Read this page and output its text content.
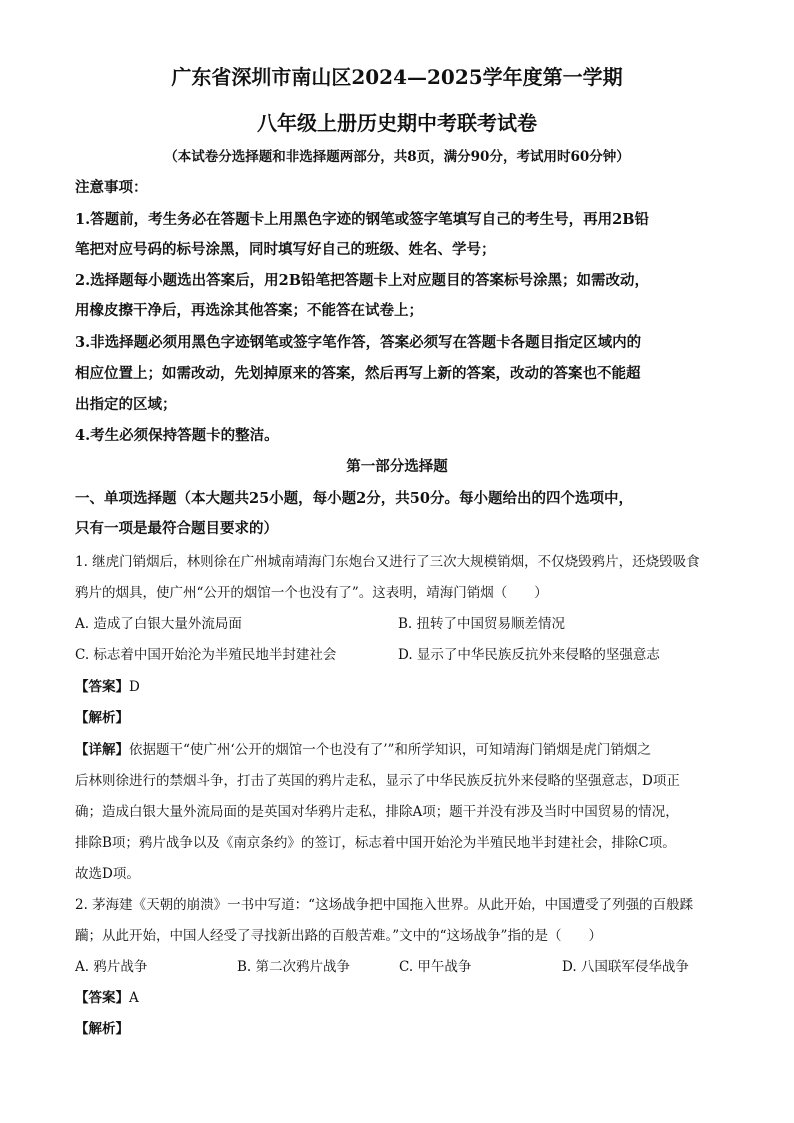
广东省深圳市南山区2024—2025学年度第一学期
八年级上册历史期中考联考试卷
（本试卷分选择题和非选择题两部分，共8页，满分90分，考试用时60分钟）
注意事项：
1.答题前，考生务必在答题卡上用黑色字迹的钢笔或签字笔填写自己的考生号，再用2B铅
笔把对应号码的标号涂黑，同时填写好自己的班级、姓名、学号；
2.选择题每小题选出答案后，用2B铅笔把答题卡上对应题目的答案标号涂黑；如需改动，
用橡皮擦干净后，再选涂其他答案；不能答在试卷上；
3.非选择题必须用黑色字迹钢笔或签字笔作答，答案必须写在答题卡各题目指定区域内的
相应位置上；如需改动，先划掉原来的答案，然后再写上新的答案，改动的答案也不能超
出指定的区域；
4.考生必须保持答题卡的整洁。
第一部分选择题
一、单项选择题（本大题共25小题，每小题2分，共50分。每小题给出的四个选项中，
只有一项是最符合题目要求的）
1. 继虎门销烟后，林则徐在广州城南靖海门东炮台又进行了三次大规模销烟，不仅烧毁鸦片，还烧毁吸食
鸦片的烟具，使广州“公开的烟馆一个也没有了”。这表明，靖海门销烟（　　）
A. 造成了白银大量外流局面	B. 扭转了中国贸易顺差情况
C. 标志着中国开始沦为半殖民地半封建社会	D. 显示了中华民族反抗外来侵略的坚强意志
【答案】D
【解析】
【详解】依据题干“使广州‘公开的烟馆一个也没有了’”和所学知识，可知靖海门销烟是虎门销烟之
后林则徐进行的禁烟斗争，打击了英国的鸦片走私，显示了中华民族反抗外来侵略的坚强意志，D项正
确；造成白银大量外流局面的是英国对华鸦片走私，排除A项；题干并没有涉及当时中国贸易的情况，
排除B项；鸦片战争以及《南京条约》的签订，标志着中国开始沦为半殖民地半封建社会，排除C项。
故选D项。
2. 茅海建《天朝的崩溃》一书中写道：“这场战争把中国拖入世界。从此开始，中国遭受了列强的百般蹂
躏；从此开始，中国人经受了寻找新出路的百般苦难。”文中的“这场战争”指的是（　　）
A. 鸦片战争	B. 第二次鸦片战争	C. 甲午战争	D. 八国联军侵华战争
【答案】A
【解析】
